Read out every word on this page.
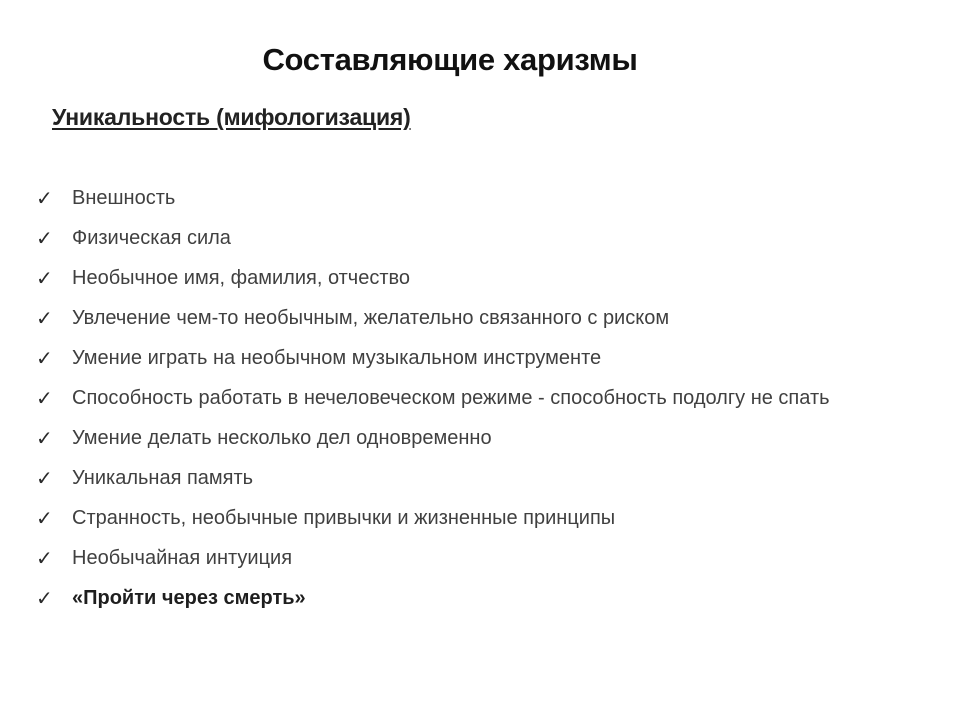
Составляющие харизмы
Уникальность (мифологизация)
✓ Внешность
✓ Физическая сила
✓ Необычное имя, фамилия, отчество
✓ Увлечение чем-то необычным, желательно связанного с риском
✓ Умение играть на необычном музыкальном инструменте
✓ Способность работать в нечеловеческом режиме - способность подолгу не спать
✓ Умение делать несколько дел одновременно
✓ Уникальная память
✓ Странность, необычные привычки и жизненные принципы
✓ Необычайная интуиция
✓ «Пройти через смерть»
